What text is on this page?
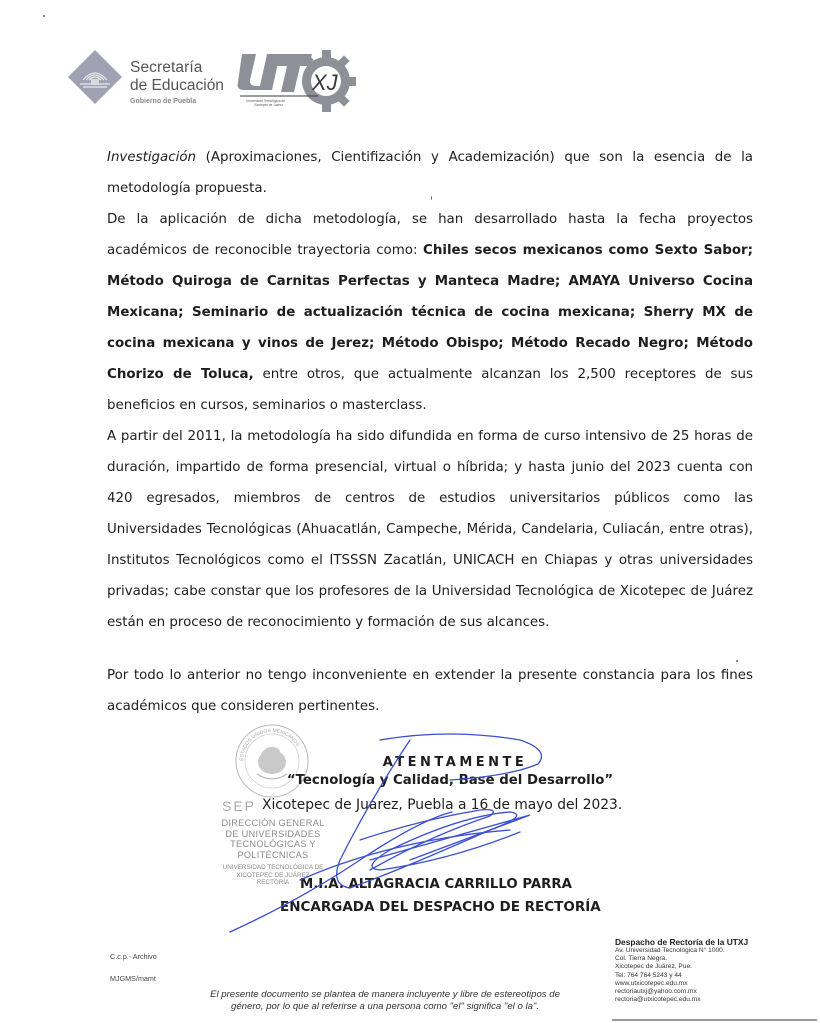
Secretaría
de Educación
Gobierno de Puebla
XJ
Universidad Tecnológica de
Xicotepec de Juárez
Investigación (Aproximaciones, Cientifización y Academización) que son la esencia de la metodología propuesta.
De la aplicación de dicha metodología, se han desarrollado hasta la fecha proyectos académicos de reconocible trayectoria como: Chiles secos mexicanos como Sexto Sabor; Método Quiroga de Carnitas Perfectas y Manteca Madre; AMAYA Universo Cocina Mexicana; Seminario de actualización técnica de cocina mexicana; Sherry MX de cocina mexicana y vinos de Jerez; Método Obispo; Método Recado Negro; Método Chorizo de Toluca, entre otros, que actualmente alcanzan los 2,500 receptores de sus beneficios en cursos, seminarios o masterclass.
A partir del 2011, la metodología ha sido difundida en forma de curso intensivo de 25 horas de duración, impartido de forma presencial, virtual o híbrida; y hasta junio del 2023 cuenta con 420 egresados, miembros de centros de estudios universitarios públicos como las Universidades Tecnológicas (Ahuacatlán, Campeche, Mérida, Candelaria, Culiacán, entre otras), Institutos Tecnológicos como el ITSSSN Zacatlán, UNICACH en Chiapas y otras universidades privadas; cabe constar que los profesores de la Universidad Tecnológica de Xicotepec de Juárez están en proceso de reconocimiento y formación de sus alcances.
Por todo lo anterior no tengo inconveniente en extender la presente constancia para los fines académicos que consideren pertinentes.
ESTADOS UNIDOS MEXICANOS
ATENTAMENTE
“Tecnología y Calidad, Base del Desarrollo”
SEP Xicotepec de Juárez, Puebla a 16 de mayo del 2023.
DIRECCIÓN GENERAL
DE UNIVERSIDADES
TECNOLÓGICAS Y
POLITÉCNICAS
UNIVERSIDAD TECNOLÓGICA DE
XICOTEPEC DE JUÁREZ
RECTORÍA M.I.A. ALTAGRACIA CARRILLO PARRA
ENCARGADA DEL DESPACHO DE RECTORÍA
C.c.p.- Archivo
MJGMS/mamt
El presente documento se plantea de manera incluyente y libre de estereotipos de
género, por lo que al referirse a una persona como "el" significa "el o la".
Despacho de Rectoría de la UTXJ
Av. Universidad Tecnológica N° 1000.
Col. Tierra Negra.
Xicotepec de Juárez, Pue.
Tel: 764 764 5243 y 44
www.utxicotepec.edu.mx
rectoriautxj@yahoo.com.mx
rectoria@utxicotepec.edu.mx
